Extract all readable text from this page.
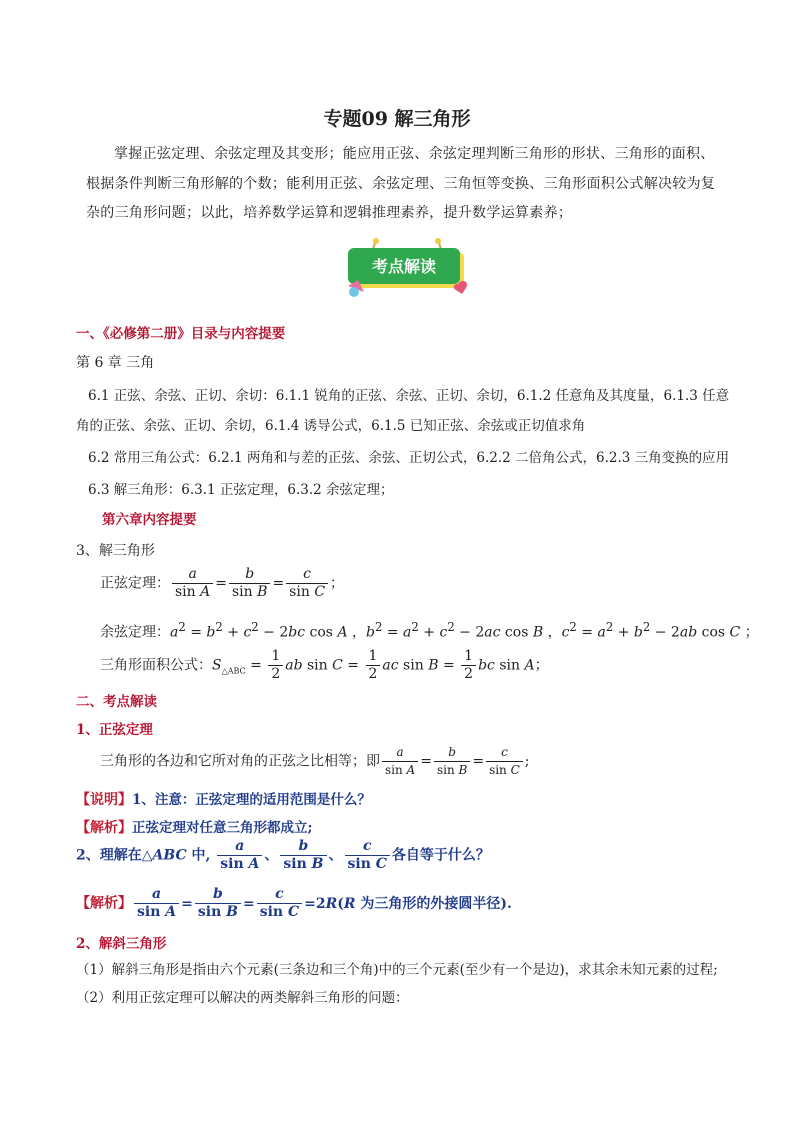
专题09 解三角形
掌握正弦定理、余弦定理及其变形；能应用正弦、余弦定理判断三角形的形状、三角形的面积、根据条件判断三角形解的个数；能利用正弦、余弦定理、三角恒等变换、三角形面积公式解决较为复杂的三角形问题；以此，培养数学运算和逻辑推理素养，提升数学运算素养；
考点解读
一、《必修第二册》目录与内容提要
第 6 章 三角
6.1 正弦、余弦、正切、余切：6.1.1 锐角的正弦、余弦、正切、余切，6.1.2 任意角及其度量，6.1.3 任意
角的正弦、余弦、正切、余切，6.1.4 诱导公式，6.1.5 已知正弦、余弦或正切值求角
6.2 常用三角公式：6.2.1 两角和与差的正弦、余弦、正切公式，6.2.2 二倍角公式，6.2.3 三角变换的应用
6.3 解三角形：6.3.1 正弦定理，6.3.2 余弦定理；
第六章内容提要
3、解三角形
正弦定理： $\frac{a}{\text{sin A}} = \frac{b}{\text{sin B}} = \frac{c}{\text{sin C}}$ ；
余弦定理：$a^2 = b^2 + c^2 - 2bc$ cos A ，$b^2 = a^2 + c^2 - 2ac$ cos B ，$c^2 = a^2 + b^2 - 2ab$ cos C ；
三角形面积公式：$S_{\triangle ABC} = \frac{1}{2}$ ab $\sin C = \frac{1}{2}$ ac $\sin B = \frac{1}{2}$ bc sin A；
二、考点解读
1、正弦定理
三角形的各边和它所对角的正弦之比相等；即 $\frac{a}{\text{sin A}} = \frac{b}{\text{sin B}} = \frac{c}{\text{sin C}}$ ;
【说明】1、注意：正弦定理的适用范围是什么？
【解析】正弦定理对任意三角形都成立;
2、理解在△ABC 中, $\frac{a}{\text{sin A}}$ 、 $\frac{b}{\text{sin B}}$ 、 $\frac{c}{\text{sin C}}$ 各自等于什么？
【解析】 $\frac{a}{\text{sin A}} = \frac{b}{\text{sin B}} = \frac{c}{\text{sin C}} =2R(R$ 为三角形的外接圆半径).
2、解斜三角形
（1）解斜三角形是指由六个元素(三条边和三个角)中的三个元素(至少有一个是边)，求其余未知元素的过程;
（2）利用正弦定理可以解决的两类解斜三角形的问题：
